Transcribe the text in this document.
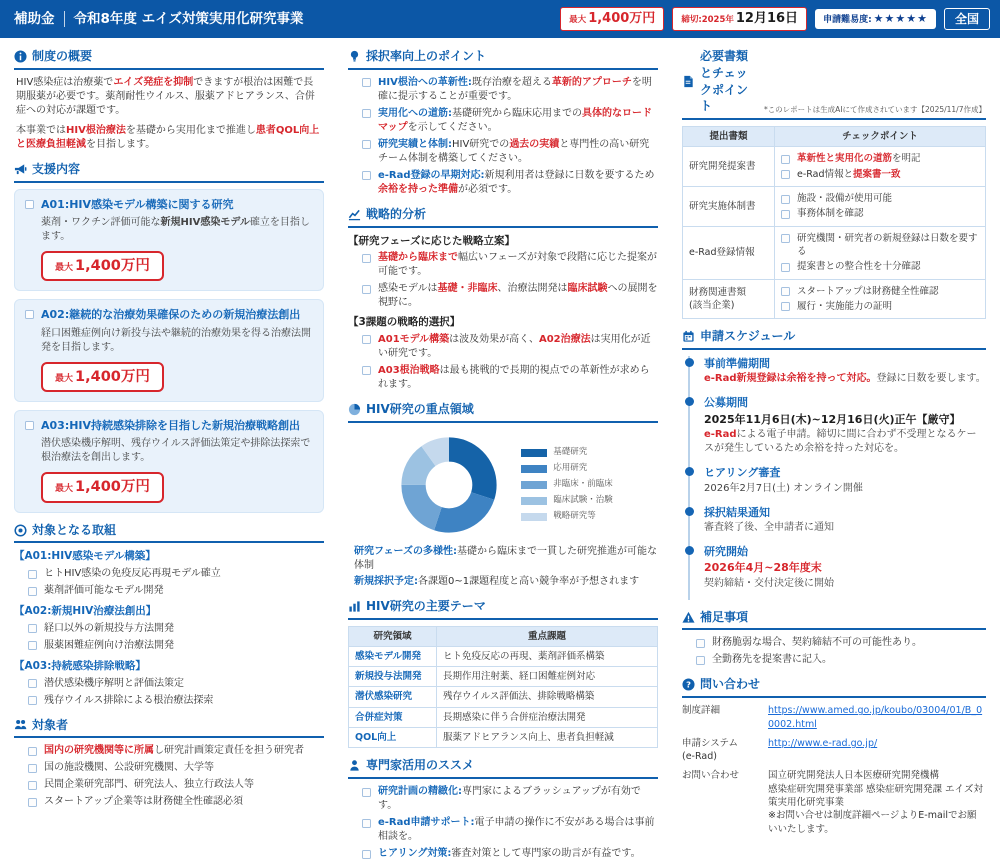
補助金 令和8年度 エイズ対策実用化研究事業	最大 1,400万円	締切:2025年 12月16日	申請難易度: ★★★★★	全国
制度の概要

HIV感染症は治療薬でエイズ発症を抑制できますが根治は困難で長期服薬が必要です。薬剤耐性ウイルス、服薬アドヒアランス、合併症への対応が課題です。

本事業ではHIV根治療法を基礎から実用化まで推進し患者QOL向上と医療負担軽減を目指します。

支援内容
A01:HIV感染モデル構築に関する研究

薬剤・ワクチン評価可能な新規HIV感染モデル確立を目指します。

最大 1,400万円
A02:継続的な治療効果確保のための新規治療法創出

経口困難症例向け新投与法や継続的治療効果を得る治療法開発を目指します。

最大 1,400万円
A03:HIV持続感染排除を目指した新規治療戦略創出

潜伏感染機序解明、残存ウイルス評価法策定や排除法探索で根治療法を創出します。

最大 1,400万円
対象となる取組
【A01:HIV感染モデル構築】

ヒトHIV感染の免疫反応再現モデル確立

薬剤評価可能なモデル開発

【A02:新規HIV治療法創出】

経口以外の新規投与方法開発

服薬困難症例向け治療法開発

【A03:持続感染排除戦略】

潜伏感染機序解明と評価法策定

残存ウイルス排除による根治療法探索

対象者

国内の研究機関等に所属し研究計画策定責任を担う研究者

国の施設機関、公設研究機関、大学等

民間企業研究部門、研究法人、独立行政法人等

スタートアップ企業等は財務健全性確認必須

採択率向上のポイント

HIV根治への革新性:既存治療を超える革新的アプローチを明確に提示することが重要です。

実用化への道筋:基礎研究から臨床応用までの具体的なロードマップを示してください。

研究実績と体制:HIV研究での過去の実績と専門性の高い研究チーム体制を構築してください。

e-Rad登録の早期対応:新規利用者は登録に日数を要するため余裕を持った準備が必須です。

戦略的分析
【研究フェーズに応じた戦略立案】

基礎から臨床まで幅広いフェーズが対象で段階に応じた提案が可能です。

感染モデルは基礎・非臨床、治療法開発は臨床試験への展開を視野に。

【3課題の戦略的選択】

A01モデル構築は波及効果が高く、A02治療法は実用化が近い研究です。

A03根治戦略は最も挑戦的で長期的視点での革新性が求められます。

HIV研究の重点領域
基礎研究
応用研究
非臨床・前臨床
臨床試験・治験
戦略研究等

研究フェーズの多様性:基礎から臨床まで一貫した研究推進が可能な体制

新規採択予定:各課題0~1課題程度と高い競争率が予想されます

HIV研究の主要テーマ
研究領域	重点課題
感染モデル開発	ヒト免疫反応の再現、薬剤評価系構築
新規投与法開発	長期作用注射薬、経口困難症例対応
潜伏感染研究	残存ウイルス評価法、排除戦略構築
合併症対策	長期感染に伴う合併症治療法開発
QOL向上	服薬アドヒアランス向上、患者負担軽減
専門家活用のススメ

研究計画の精緻化:専門家によるブラッシュアップが有効です。

e-Rad申請サポート:電子申請の操作に不安がある場合は事前相談を。

ヒアリング対策:審査対策として専門家の助言が有益です。

必要書類とチェックポイント	*このレポートは生成AIにて作成されています【2025/11/7作成】
提出書類	チェックポイント

研究開発提案書	革新性と実用化の道筋を明記

e-Rad情報と提案書一致

研究実施体制書	施設・設備が使用可能

事務体制を確認

e-Rad登録情報	研究機関・研究者の新規登録は日数を要する

提案書との整合性を十分確認

財務関連書類
(該当企業)

スタートアップは財務健全性確認

履行・実施能力の証明

申請スケジュール
事前準備期間

e-Rad新規登録は余裕を持って対応。登録に日数を要します。

公募期間
2025年11月6日(木)~12月16日(火)正午【厳守】

e-Radによる電子申請。締切に間に合わず不受理となるケースが発生しているため余裕を持った対応を。

ヒアリング審査

2026年2月7日(土) オンライン開催

採択結果通知

審査終了後、全申請者に通知

研究開始
2026年4月~28年度末

契約締結・交付決定後に開始

補足事項

財務脆弱な場合、契約締結不可の可能性あり。

全勤務先を提案書に記入。

? 問い合わせ
制度詳細	https://www.amed.go.jp/koubo/03004/01/B_00002.html
申請システム
(e-Rad)
http://www.e-rad.go.jp/
お問い合わせ	国立研究開発法人日本医療研究開発機構
感染症研究開発事業部 感染症研究開発課 エイズ対策実用化研究事業
※お問い合せは制度詳細ページよりE-mailでお願いいたします。
